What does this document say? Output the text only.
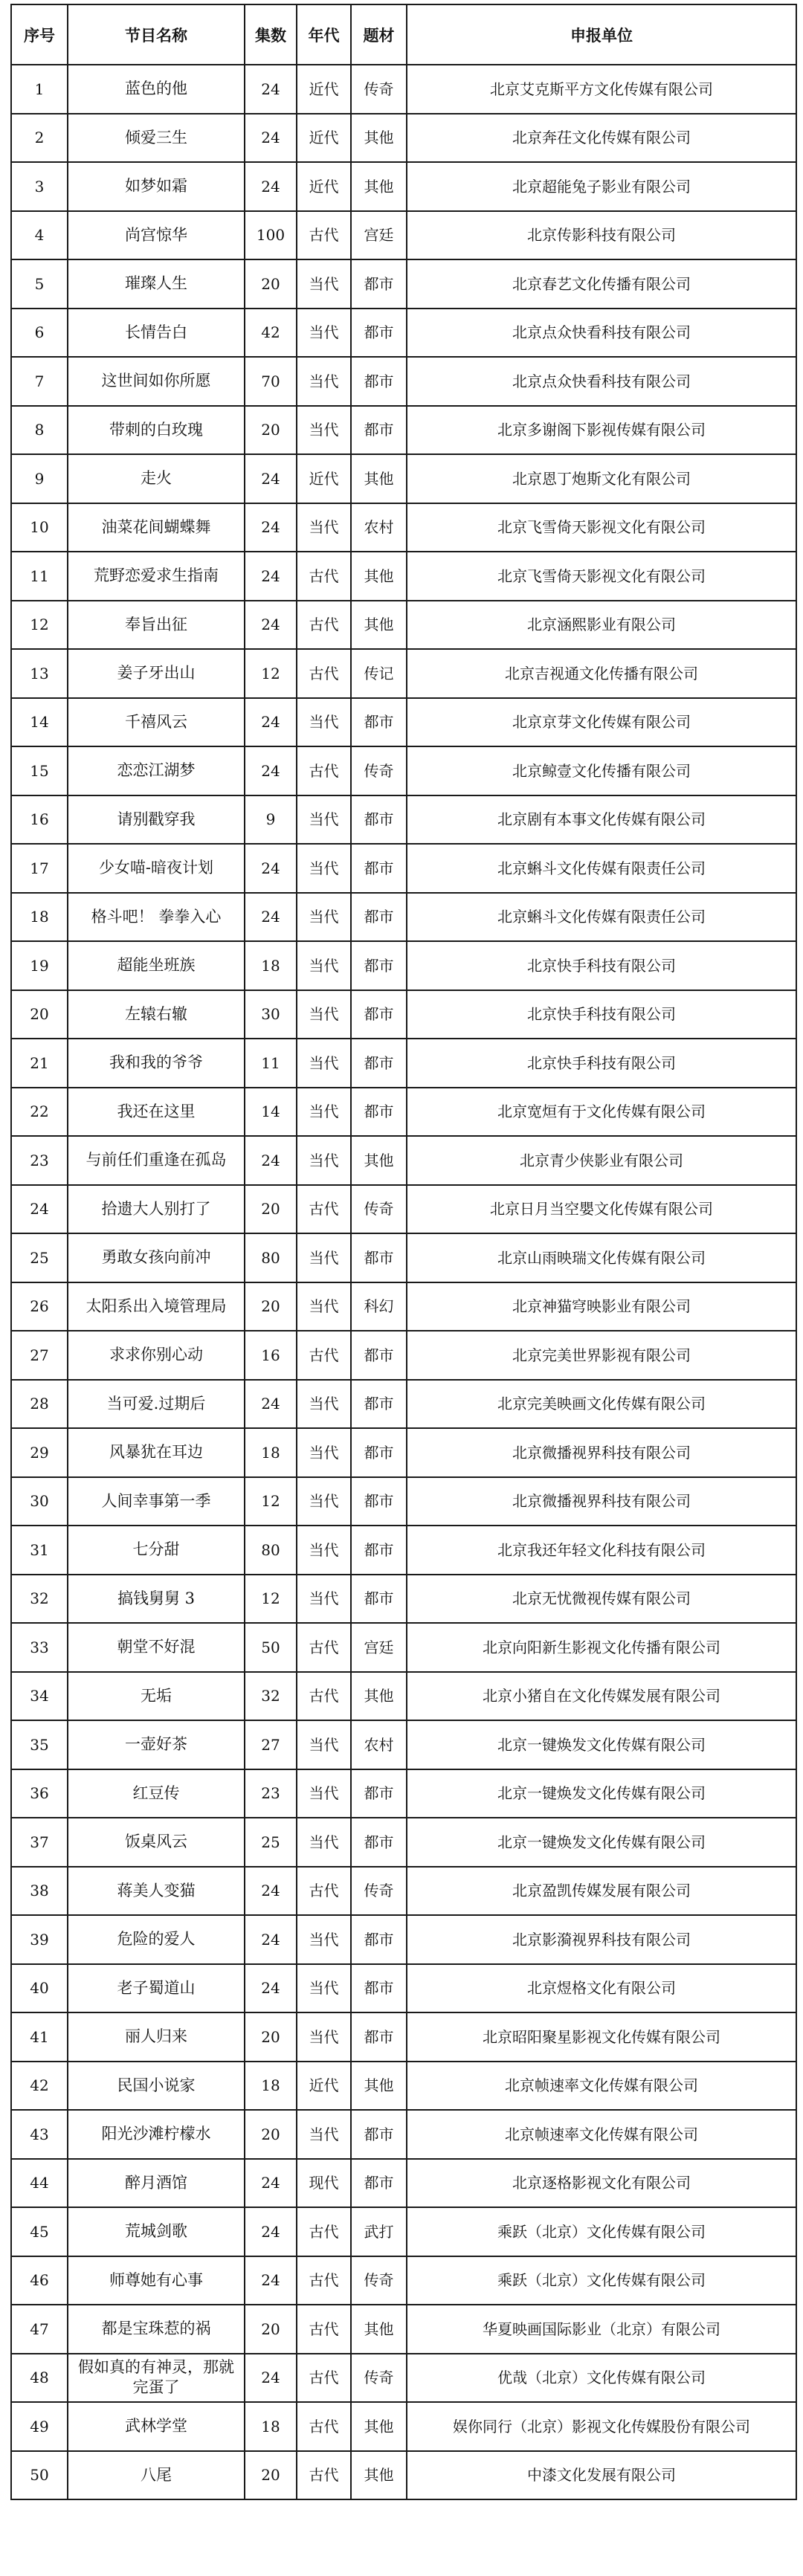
序号	节目名称	集数	年代	题材	申报单位
1	蓝色的他	24	近代	传奇	北京艾克斯平方文化传媒有限公司
2	倾爱三生	24	近代	其他	北京奔茌文化传媒有限公司
3	如梦如霜	24	近代	其他	北京超能兔子影业有限公司
4	尚宫惊华	100	古代	宫廷	北京传影科技有限公司
5	璀璨人生	20	当代	都市	北京春艺文化传播有限公司
6	长情告白	42	当代	都市	北京点众快看科技有限公司
7	这世间如你所愿	70	当代	都市	北京点众快看科技有限公司
8	带刺的白玫瑰	20	当代	都市	北京多谢阁下影视传媒有限公司
9	走火	24	近代	其他	北京恩丁炮斯文化有限公司
10	油菜花间蝴蝶舞	24	当代	农村	北京飞雪倚天影视文化有限公司
11	荒野恋爱求生指南	24	古代	其他	北京飞雪倚天影视文化有限公司
12	奉旨出征	24	古代	其他	北京涵熙影业有限公司
13	姜子牙出山	12	古代	传记	北京吉视通文化传播有限公司
14	千禧风云	24	当代	都市	北京京芽文化传媒有限公司
15	恋恋江湖梦	24	古代	传奇	北京鲸壹文化传播有限公司
16	请别戳穿我	9	当代	都市	北京剧有本事文化传媒有限公司
17	少女喵-暗夜计划	24	当代	都市	北京蝌斗文化传媒有限责任公司
18	格斗吧！ 拳拳入心	24	当代	都市	北京蝌斗文化传媒有限责任公司
19	超能坐班族	18	当代	都市	北京快手科技有限公司
20	左辕右辙	30	当代	都市	北京快手科技有限公司
21	我和我的爷爷	11	当代	都市	北京快手科技有限公司
22	我还在这里	14	当代	都市	北京宽烜有于文化传媒有限公司
23	与前任们重逢在孤岛	24	当代	其他	北京青少侠影业有限公司
24	拾遗大人别打了	20	古代	传奇	北京日月当空嬰文化传媒有限公司
25	勇敢女孩向前冲	80	当代	都市	北京山雨映瑞文化传媒有限公司
26	太阳系出入境管理局	20	当代	科幻	北京神猫穹映影业有限公司
27	求求你别心动	16	古代	都市	北京完美世界影视有限公司
28	当可爱.过期后	24	当代	都市	北京完美映画文化传媒有限公司
29	风暴犹在耳边	18	当代	都市	北京微播视界科技有限公司
30	人间幸事第一季	12	当代	都市	北京微播视界科技有限公司
31	七分甜	80	当代	都市	北京我还年轻文化科技有限公司
32	搞钱舅舅 3	12	当代	都市	北京无忧微视传媒有限公司
33	朝堂不好混	50	古代	宫廷	北京向阳新生影视文化传播有限公司
34	无垢	32	古代	其他	北京小猪自在文化传媒发展有限公司
35	一壶好茶	27	当代	农村	北京一键焕发文化传媒有限公司
36	红豆传	23	当代	都市	北京一键焕发文化传媒有限公司
37	饭桌风云	25	当代	都市	北京一键焕发文化传媒有限公司
38	蒋美人变猫	24	古代	传奇	北京盈凯传媒发展有限公司
39	危险的爱人	24	当代	都市	北京影漪视界科技有限公司
40	老子蜀道山	24	当代	都市	北京煜格文化有限公司
41	丽人归来	20	当代	都市	北京昭阳聚星影视文化传媒有限公司
42	民国小说家	18	近代	其他	北京帧速率文化传媒有限公司
43	阳光沙滩柠檬水	20	当代	都市	北京帧速率文化传媒有限公司
44	醉月酒馆	24	现代	都市	北京逐格影视文化有限公司
45	荒城剑歌	24	古代	武打	乘跃（北京）文化传媒有限公司
46	师尊她有心事	24	古代	传奇	乘跃（北京）文化传媒有限公司
47	都是宝珠惹的祸	20	古代	其他	华夏映画国际影业（北京）有限公司
48	假如真的有神灵，那就完蛋了	24	古代	传奇	优哉（北京）文化传媒有限公司
49	武林学堂	18	古代	其他	娱你同行（北京）影视文化传媒股份有限公司
50	八尾	20	古代	其他	中漆文化发展有限公司
